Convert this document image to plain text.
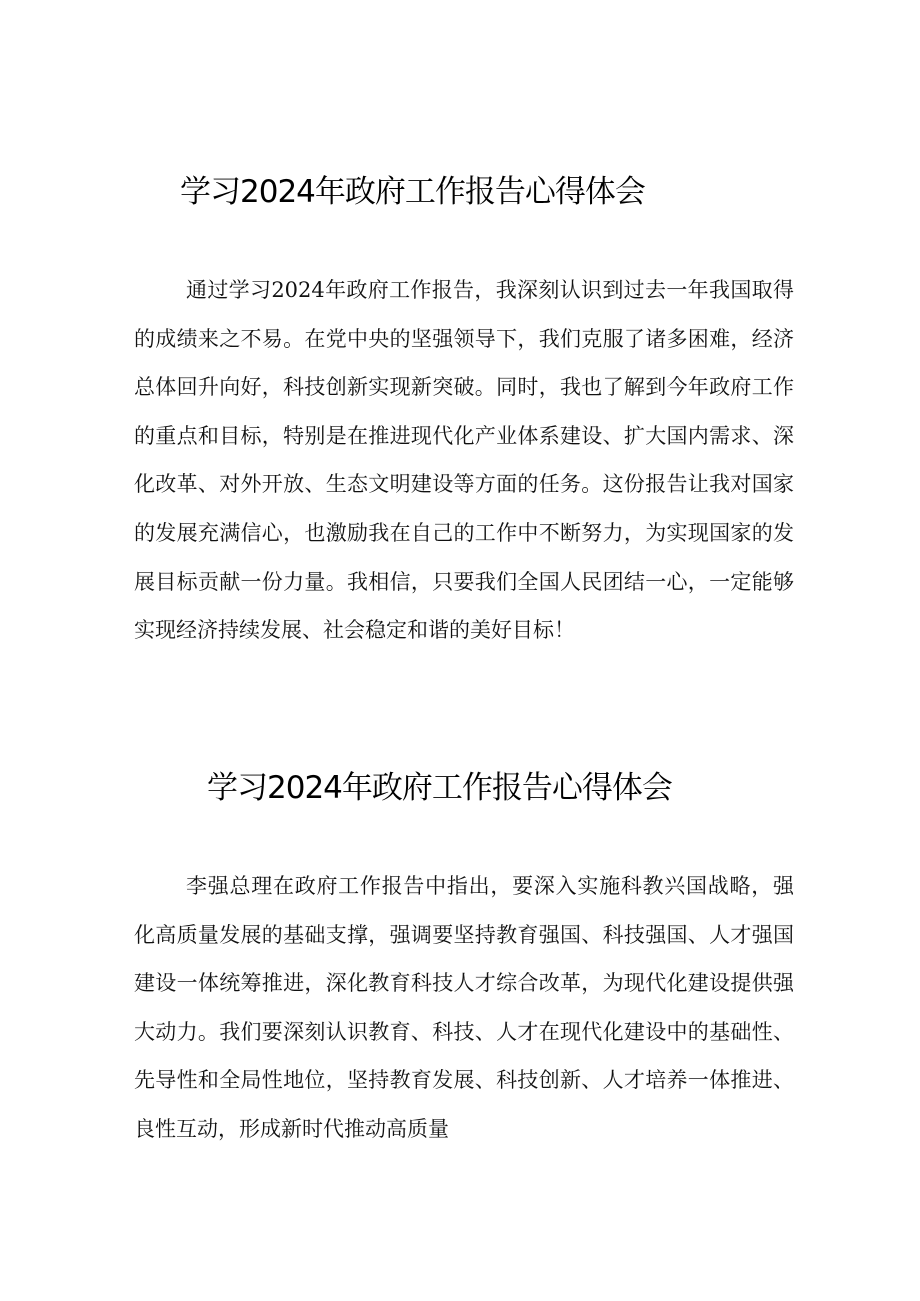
学习2024年政府工作报告心得体会

通过学习2024年政府工作报告，我深刻认识到过去一年我国取得的成绩来之不易。在党中央的坚强领导下，我们克服了诸多困难，经济总体回升向好，科技创新实现新突破。同时，我也了解到今年政府工作的重点和目标，特别是在推进现代化产业体系建设、扩大国内需求、深化改革、对外开放、生态文明建设等方面的任务。这份报告让我对国家的发展充满信心，也激励我在自己的工作中不断努力，为实现国家的发展目标贡献一份力量。我相信，只要我们全国人民团结一心，一定能够实现经济持续发展、社会稳定和谐的美好目标！

学习2024年政府工作报告心得体会

李强总理在政府工作报告中指出，要深入实施科教兴国战略，强化高质量发展的基础支撑，强调要坚持教育强国、科技强国、人才强国建设一体统筹推进，深化教育科技人才综合改革，为现代化建设提供强大动力。我们要深刻认识教育、科技、人才在现代化建设中的基础性、先导性和全局性地位，坚持教育发展、科技创新、人才培养一体推进、良性互动，形成新时代推动高质量
